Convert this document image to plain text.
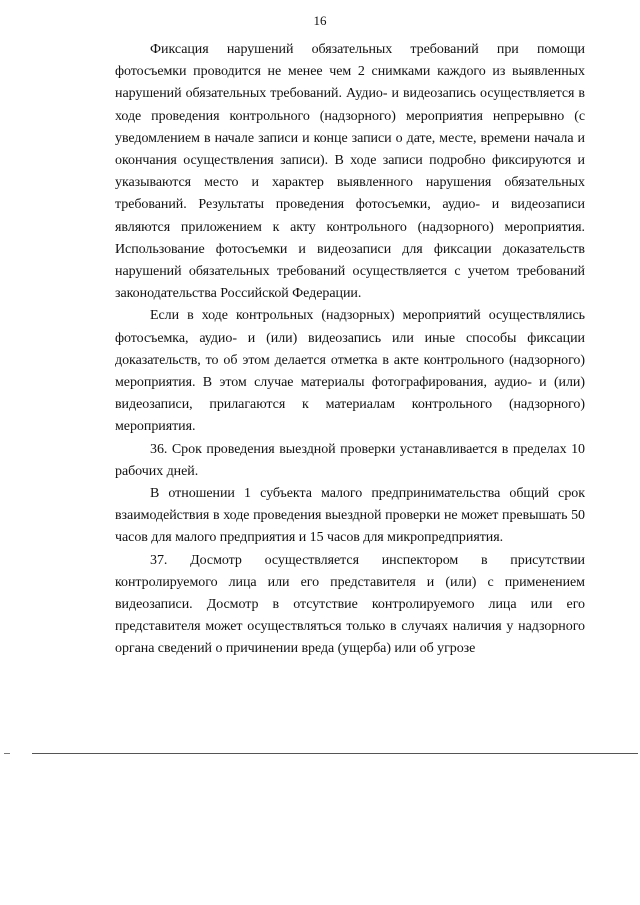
16

Фиксация нарушений обязательных требований при помощи фотосъемки проводится не менее чем 2 снимками каждого из выявленных нарушений обязательных требований. Аудио- и видеозапись осуществляется в ходе проведения контрольного (надзорного) мероприятия непрерывно (с уведомлением в начале записи и конце записи о дате, месте, времени начала и окончания осуществления записи). В ходе записи подробно фиксируются и указываются место и характер выявленного нарушения обязательных требований. Результаты проведения фотосъемки, аудио- и видеозаписи являются приложением к акту контрольного (надзорного) мероприятия. Использование фотосъемки и видеозаписи для фиксации доказательств нарушений обязательных требований осуществляется с учетом требований законодательства Российской Федерации.

Если в ходе контрольных (надзорных) мероприятий осуществлялись фотосъемка, аудио- и (или) видеозапись или иные способы фиксации доказательств, то об этом делается отметка в акте контрольного (надзорного) мероприятия. В этом случае материалы фотографирования, аудио- и (или) видеозаписи, прилагаются к материалам контрольного (надзорного) мероприятия.

36. Срок проведения выездной проверки устанавливается в пределах 10 рабочих дней.

В отношении 1 субъекта малого предпринимательства общий срок взаимодействия в ходе проведения выездной проверки не может превышать 50 часов для малого предприятия и 15 часов для микропредприятия.

37. Досмотр осуществляется инспектором в присутствии контролируемого лица или его представителя и (или) с применением видеозаписи. Досмотр в отсутствие контролируемого лица или его представителя может осуществляться только в случаях наличия у надзорного органа сведений о причинении вреда (ущерба) или об угрозе
